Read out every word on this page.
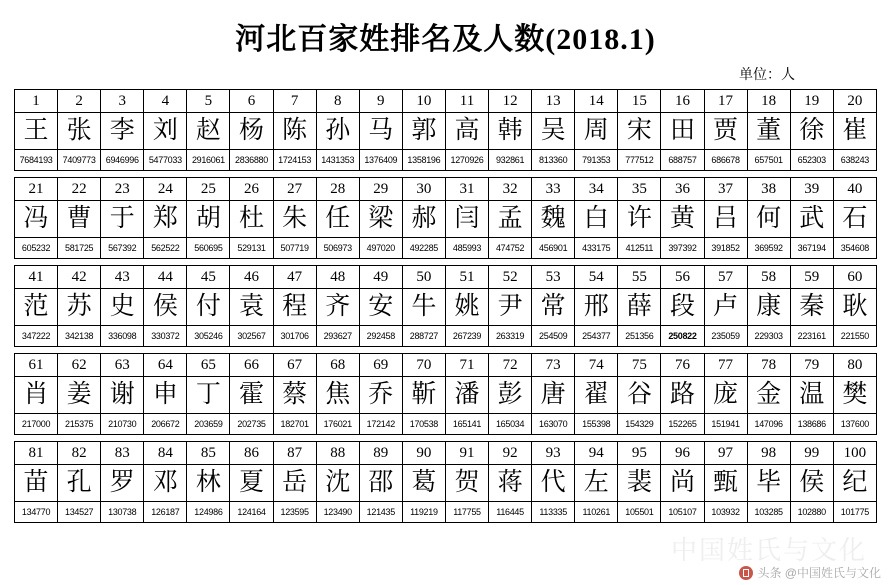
河北百家姓排名及人数(2018.1)
单位：人
1	2	3	4	5	6	7	8	9	10	11	12	13	14	15	16	17	18	19	20
王	张	李	刘	赵	杨	陈	孙	马	郭	高	韩	吴	周	宋	田	贾	董	徐	崔
7684193	7409773	6946996	5477033	2916061	2836880	1724153	1431353	1376409	1358196	1270926	932861	813360	791353	777512	688757	686678	657501	652303	638243

21	22	23	24	25	26	27	28	29	30	31	32	33	34	35	36	37	38	39	40
冯	曹	于	郑	胡	杜	朱	任	梁	郝	闫	孟	魏	白	许	黄	吕	何	武	石
605232	581725	567392	562522	560695	529131	507719	506973	497020	492285	485993	474752	456901	433175	412511	397392	391852	369592	367194	354608

41	42	43	44	45	46	47	48	49	50	51	52	53	54	55	56	57	58	59	60
范	苏	史	侯	付	袁	程	齐	安	牛	姚	尹	常	邢	薛	段	卢	康	秦	耿
347222	342138	336098	330372	305246	302567	301706	293627	292458	288727	267239	263319	254509	254377	251356	250822	235059	229303	223161	221550

61	62	63	64	65	66	67	68	69	70	71	72	73	74	75	76	77	78	79	80
肖	姜	谢	申	丁	霍	蔡	焦	乔	靳	潘	彭	唐	翟	谷	路	庞	金	温	樊
217000	215375	210730	206672	203659	202735	182701	176021	172142	170538	165141	165034	163070	155398	154329	152265	151941	147096	138686	137600

81	82	83	84	85	86	87	88	89	90	91	92	93	94	95	96	97	98	99	100
苗	孔	罗	邓	林	夏	岳	沈	邵	葛	贺	蒋	代	左	裴	尚	甄	毕	侯	纪
134770	134527	130738	126187	124986	124164	123595	123490	121435	119219	117755	116445	113335	110261	105501	105107	103932	103285	102880	101775
中国姓氏与文化
头条 @中国姓氏与文化
